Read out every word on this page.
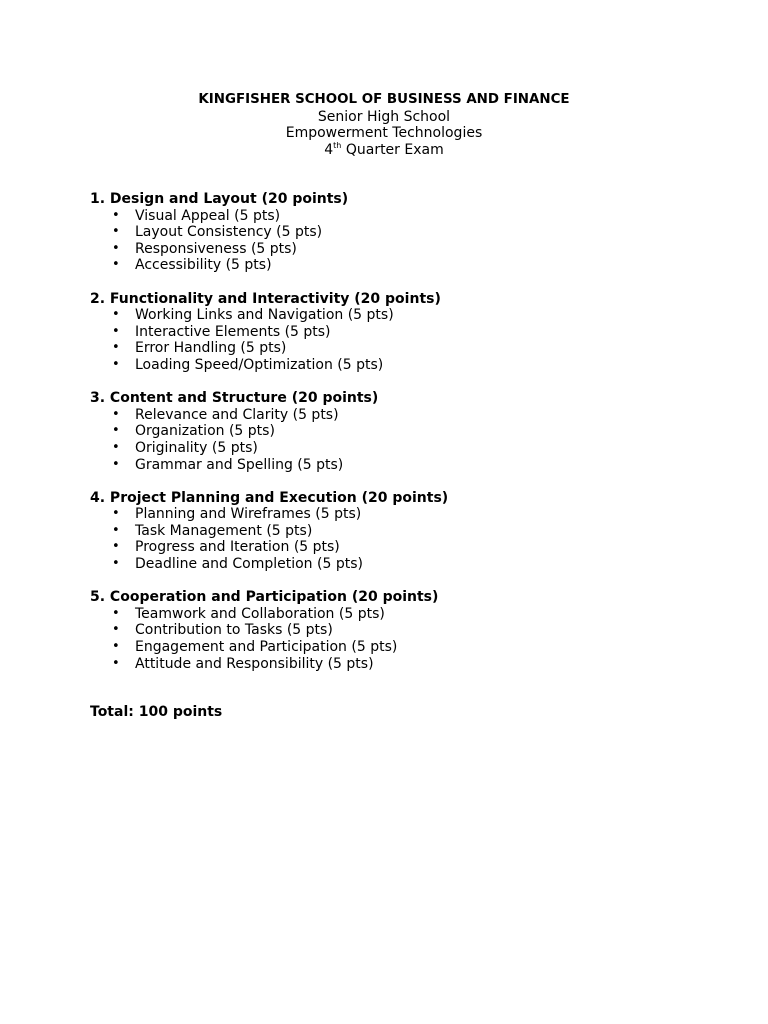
KINGFISHER SCHOOL OF BUSINESS AND FINANCE
Senior High School
Empowerment Technologies
4th Quarter Exam
1. Design and Layout (20 points)
• Visual Appeal (5 pts)
• Layout Consistency (5 pts)
• Responsiveness (5 pts)
• Accessibility (5 pts)
2. Functionality and Interactivity (20 points)
• Working Links and Navigation (5 pts)
• Interactive Elements (5 pts)
• Error Handling (5 pts)
• Loading Speed/Optimization (5 pts)
3. Content and Structure (20 points)
• Relevance and Clarity (5 pts)
• Organization (5 pts)
• Originality (5 pts)
• Grammar and Spelling (5 pts)
4. Project Planning and Execution (20 points)
• Planning and Wireframes (5 pts)
• Task Management (5 pts)
• Progress and Iteration (5 pts)
• Deadline and Completion (5 pts)
5. Cooperation and Participation (20 points)
• Teamwork and Collaboration (5 pts)
• Contribution to Tasks (5 pts)
• Engagement and Participation (5 pts)
• Attitude and Responsibility (5 pts)
Total: 100 points
